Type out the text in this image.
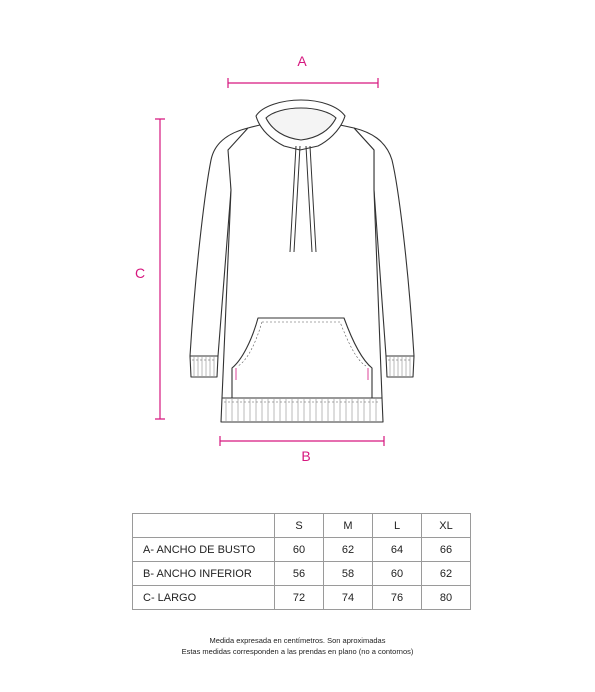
A
B
C
	S	M	L	XL
A- ANCHO DE BUSTO	60	62	64	66
B- ANCHO INFERIOR	56	58	60	62
C- LARGO	72	74	76	80
Medida expresada en centímetros. Son aproximadas
Estas medidas corresponden a las prendas en plano (no a contornos)
